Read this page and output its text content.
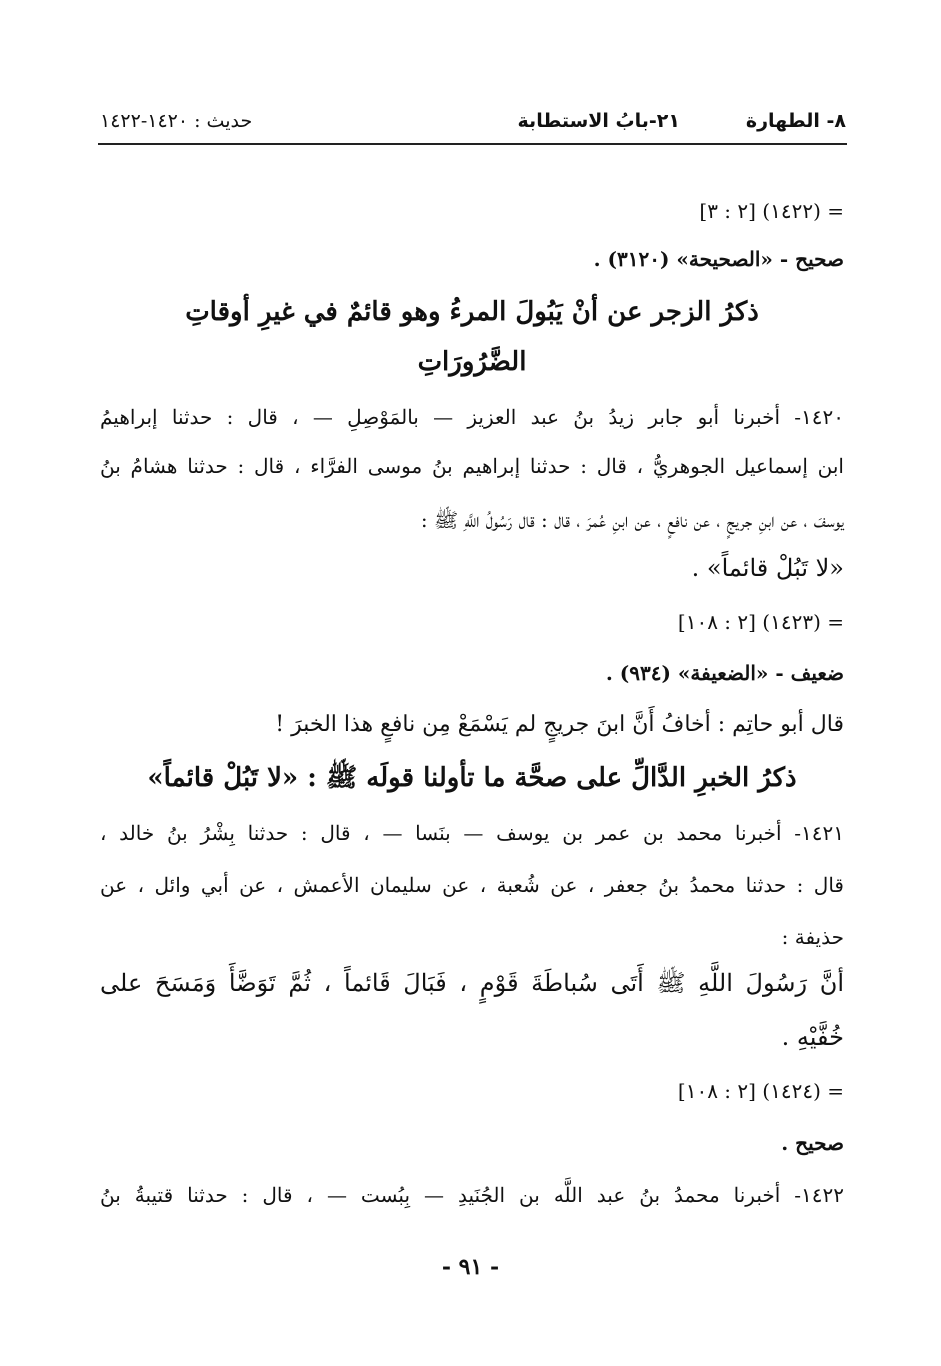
٨- الطهارة
٢١-بابُ الاستطابة
حديث : ١٤٢٠-١٤٢٢
= (١٤٢٢) [٢ : ٣]
صحيح - «الصحيحة» (٣١٢٠) .
ذكرُ الزجر عن أنْ يَبُولَ المرءُ وهو قائمٌ في غيرِ أوقاتِ
الضَّرُورَاتِ
١٤٢٠- أخبرنا أبو جابر زيدُ بنُ عبد العزيز — بالمَوْصِلِ — ، قال : حدثنا إبراهيمُ
ابن إسماعيل الجوهريُّ ، قال : حدثنا إبراهيم بنُ موسى الفرَّاء ، قال : حدثنا هشامُ بنُ
يوسفَ ، عن ابنِ جريجٍ ، عن نافعٍ ، عن ابنِ عُمرَ ، قال : قال رَسُولُ اللَّهِ ﷺ :
«لا تَبُلْ قائماً» .
= (١٤٢٣) [٢ : ١٠٨]
ضعيف - «الضعيفة» (٩٣٤) .
قال أبو حاتِم : أخافُ أَنَّ ابنَ جريجٍ لم يَسْمَعْ مِن نافعٍ هذا الخبرَ !
ذكرُ الخبرِ الدَّالِّ على صحَّة ما تأولنا قولَه ﷺ : «لا تَبُلْ قائماً»
١٤٢١- أخبرنا محمد بن عمر بن يوسف — بنَسا — ، قال : حدثنا بِشْرُ بنُ خالد ،
قال : حدثنا محمدُ بنُ جعفر ، عن شُعبة ، عن سليمان الأعمش ، عن أبي وائل ، عن
حذيفة :
أنَّ رَسُولَ اللَّهِ ﷺ أَتَى سُباطَةَ قَوْمٍ ، فَبَالَ قَائماً ، ثُمَّ تَوَضَّأَ وَمَسَحَ على
خُفَّيْهِ .
= (١٤٢٤) [٢ : ١٠٨]
صحيح .
١٤٢٢- أخبرنا محمدُ بنُ عبد اللَّه بن الجُنَيدِ — بِبُست — ، قال : حدثنا قتيبةُ بنُ
- ٩١ -
